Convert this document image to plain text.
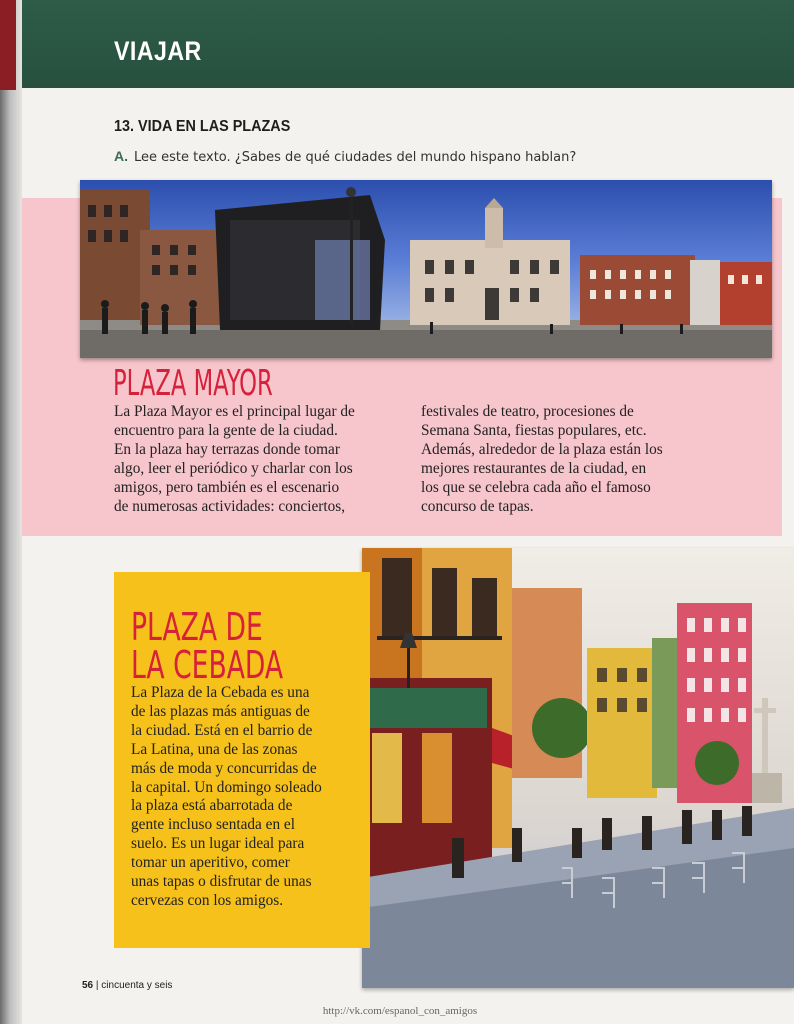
VIAJAR
13. VIDA EN LAS PLAZAS
A. Lee este texto. ¿Sabes de qué ciudades del mundo hispano hablan?
PLAZA MAYOR
La Plaza Mayor es el principal lugar de
encuentro para la gente de la ciudad.
En la plaza hay terrazas donde tomar
algo, leer el periódico y charlar con los
amigos, pero también es el escenario
de numerosas actividades: conciertos,
festivales de teatro, procesiones de
Semana Santa, fiestas populares, etc.
Además, alrededor de la plaza están los
mejores restaurantes de la ciudad, en
los que se celebra cada año el famoso
concurso de tapas.
PLAZA DE
LA CEBADA
La Plaza de la Cebada es una
de las plazas más antiguas de
la ciudad. Está en el barrio de
La Latina, una de las zonas
más de moda y concurridas de
la capital. Un domingo soleado
la plaza está abarrotada de
gente incluso sentada en el
suelo. Es un lugar ideal para
tomar un aperitivo, comer
unas tapas o disfrutar de unas
cervezas con los amigos.
56 | cincuenta y seis
http://vk.com/espanol_con_amigos
